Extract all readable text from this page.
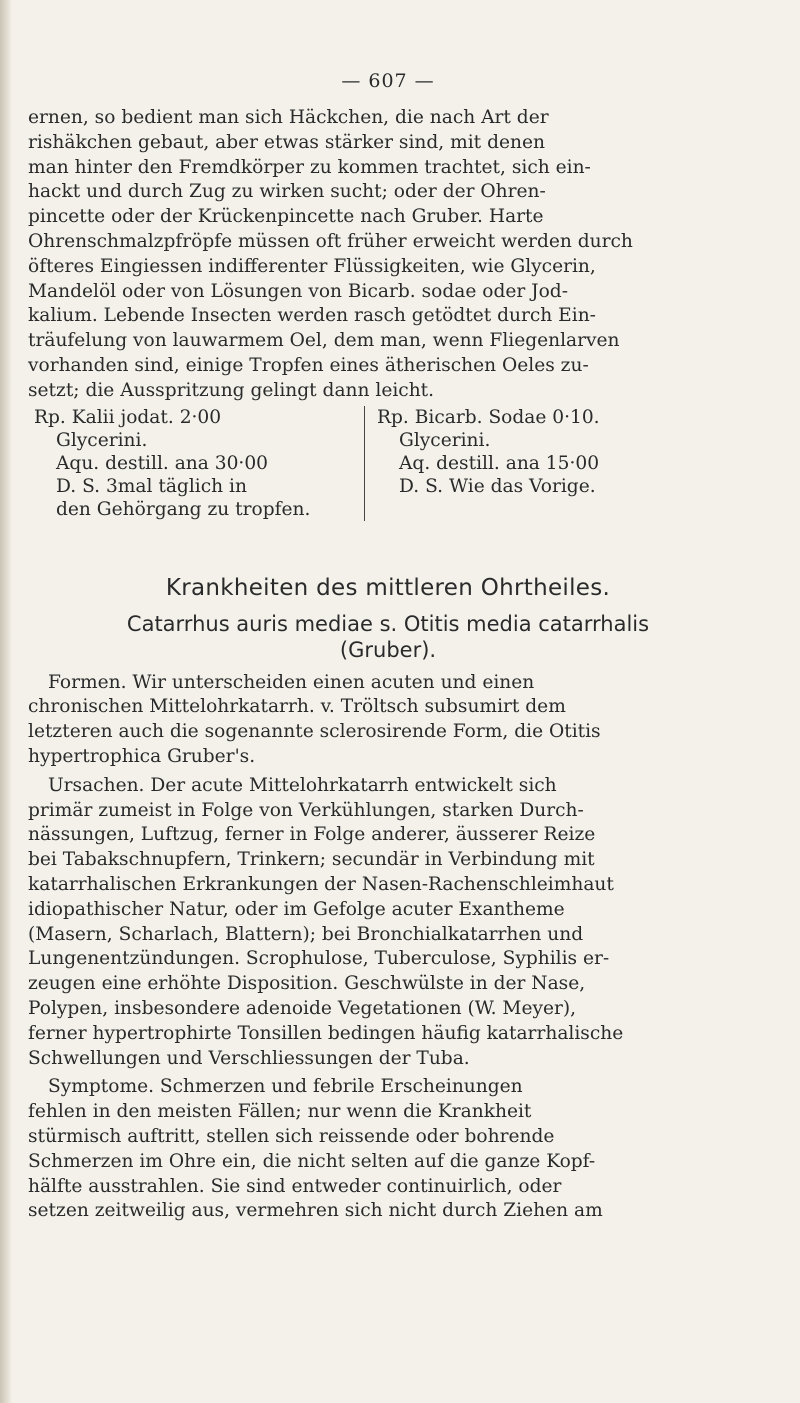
— 607 —

ernen, so bedient man sich Häckchen, die nach Art der

rishäkchen gebaut, aber etwas stärker sind, mit denen

man hinter den Fremdkörper zu kommen trachtet, sich ein-

hackt und durch Zug zu wirken sucht; oder der Ohren-

pincette oder der Krückenpincette nach Gruber. Harte

Ohrenschmalzpfröpfe müssen oft früher erweicht werden durch

öfteres Eingiessen indifferenter Flüssigkeiten, wie Glycerin,

Mandelöl oder von Lösungen von Bicarb. sodae oder Jod-

kalium. Lebende Insecten werden rasch getödtet durch Ein-

träufelung von lauwarmem Oel, dem man, wenn Fliegenlarven

vorhanden sind, einige Tropfen eines ätherischen Oeles zu-

setzt; die Ausspritzung gelingt dann leicht.

Rp. Kalii jodat. 2·00

Glycerini.

Aqu. destill. ana 30·00

D. S. 3mal täglich in

den Gehörgang zu tropfen.

Rp. Bicarb. Sodae 0·10.

Glycerini.

Aq. destill. ana 15·00

D. S. Wie das Vorige.

Krankheiten des mittleren Ohrtheiles.
Catarrhus auris mediae s. Otitis media catarrhalis
(Gruber).

Formen. Wir unterscheiden einen acuten und einen

chronischen Mittelohrkatarrh. v. Tröltsch subsumirt dem

letzteren auch die sogenannte sclerosirende Form, die Otitis

hypertrophica Gruber's.

Ursachen. Der acute Mittelohrkatarrh entwickelt sich

primär zumeist in Folge von Verkühlungen, starken Durch-

nässungen, Luftzug, ferner in Folge anderer, äusserer Reize

bei Tabakschnupfern, Trinkern; secundär in Verbindung mit

katarrhalischen Erkrankungen der Nasen-Rachenschleimhaut

idiopathischer Natur, oder im Gefolge acuter Exantheme

(Masern, Scharlach, Blattern); bei Bronchialkatarrhen und

Lungenentzündungen. Scrophulose, Tuberculose, Syphilis er-

zeugen eine erhöhte Disposition. Geschwülste in der Nase,

Polypen, insbesondere adenoide Vegetationen (W. Meyer),

ferner hypertrophirte Tonsillen bedingen häufig katarrhalische

Schwellungen und Verschliessungen der Tuba.

Symptome. Schmerzen und febrile Erscheinungen

fehlen in den meisten Fällen; nur wenn die Krankheit

stürmisch auftritt, stellen sich reissende oder bohrende

Schmerzen im Ohre ein, die nicht selten auf die ganze Kopf-

hälfte ausstrahlen. Sie sind entweder continuirlich, oder

setzen zeitweilig aus, vermehren sich nicht durch Ziehen am
